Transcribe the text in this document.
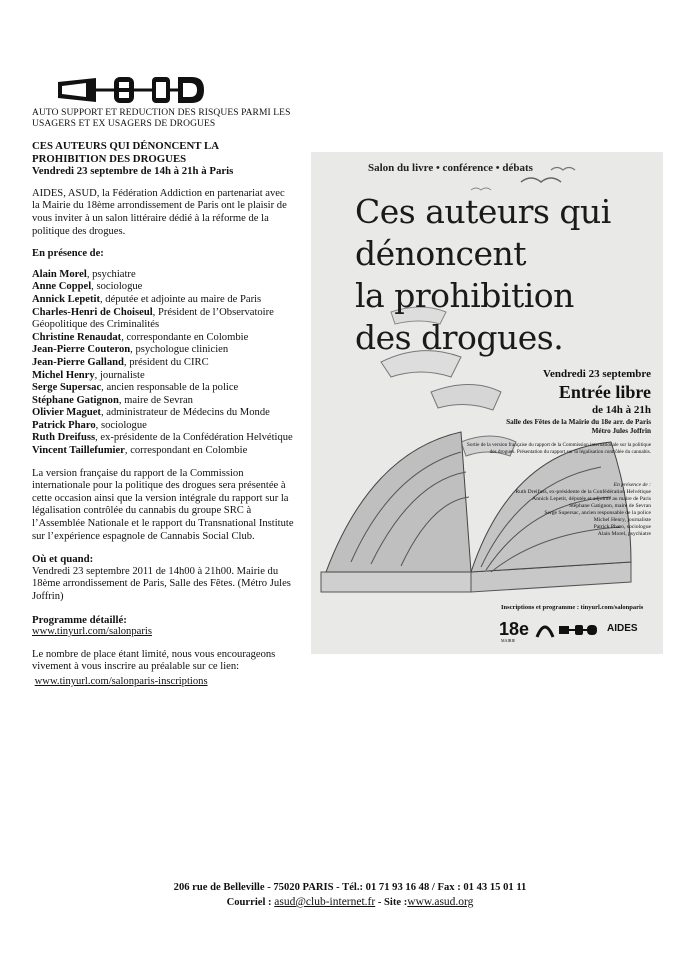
AUTO SUPPORT ET REDUCTION DES RISQUES PARMI LES
USAGERS ET EX USAGERS DE DROGUES

CES AUTEURS QUI DÉNONCENT LA
PROHIBITION DES DROGUES
Vendredi 23 septembre de 14h à 21h à Paris

AIDES, ASUD, la Fédération Addiction en partenariat avec la Mairie du 18ème arrondissement de Paris ont le plaisir de vous inviter à un salon littéraire dédié à la réforme de la politique des drogues.

En présence de:

Alain Morel, psychiatre
Anne Coppel, sociologue
Annick Lepetit, députée et adjointe au maire de Paris
Charles-Henri de Choiseul, Président de l’Observatoire Géopolitique des Criminalités
Christine Renaudat, correspondante en Colombie
Jean-Pierre Couteron, psychologue clinicien
Jean-Pierre Galland, président du CIRC
Michel Henry, journaliste
Serge Supersac, ancien responsable de la police
Stéphane Gatignon, maire de Sevran
Olivier Maguet, administrateur de Médecins du Monde
Patrick Pharo, sociologue
Ruth Dreifuss, ex-présidente de la Confédération Helvétique
Vincent Taillefumier, correspondant en Colombie

La version française du rapport de la Commission internationale pour la politique des drogues sera présentée à cette occasion ainsi que la version intégrale du rapport sur la légalisation contrôlée du cannabis du groupe SRC à l’Assemblée Nationale et le rapport du Transnational Institute sur l’expérience espagnole de Cannabis Social Club.

Où et quand:

Vendredi 23 septembre 2011 de 14h00 à 21h00. Mairie du 18ème arrondissement de Paris, Salle des Fêtes. (Métro Jules Joffrin)

Programme détaillé:

www.tinyurl.com/salonparis

Le nombre de place étant limité, nous vous encourageons vivement à vous inscrire au préalable sur ce lien:

www.tinyurl.com/salonparis-inscriptions

Salon du livre • conférence • débats
Ces auteurs qui
dénoncent
la prohibition
des drogues.
Vendredi 23 septembre
Entrée libre
de 14h à 21h
Salle des Fêtes de la Mairie du 18e arr. de Paris
Métro Jules Joffrin
Sortie de la version française du rapport de la Commission internationale sur la politique des drogues. Présentation du rapport sur la légalisation contrôlée du cannabis.
En présence de :
Ruth Dreifuss, ex-présidente de la Confédération Helvétique
Annick Lepetit, députée et adjointe au maire de Paris
Stéphane Gatignon, maire de Sevran
Serge Supersac, ancien responsable de la police
Michel Henry, journaliste
Patrick Pharo, sociologue
Alain Morel, psychiatre
Inscriptions et programme : tinyurl.com/salonparis
18e
MAIRIE
AIDES
206 rue de Belleville - 75020 PARIS - Tél.: 01 71 93 16 48 / Fax : 01 43 15 01 11
Courriel : asud@club-internet.fr - Site :www.asud.org
